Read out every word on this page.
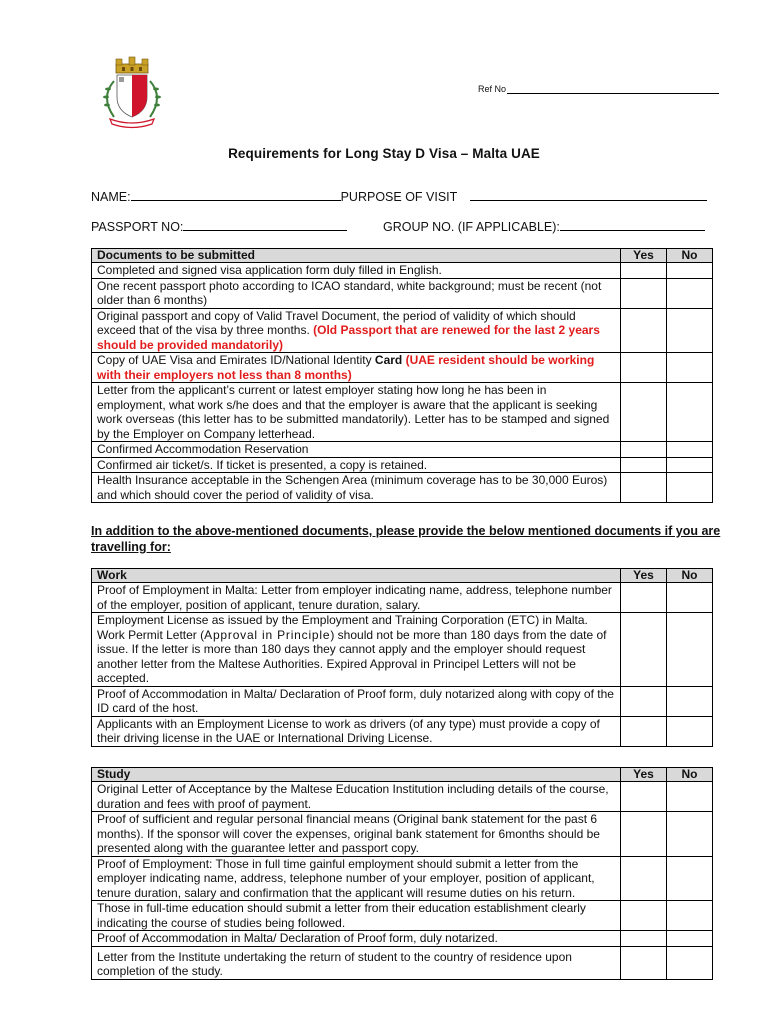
Ref No
Requirements for Long Stay D Visa – Malta UAE
NAME:	PURPOSE OF VISIT
PASSPORT NO:	GROUP NO. (IF APPLICABLE):
Documents to be submitted	Yes	No
Completed and signed visa application form duly filled in English.		
One recent passport photo according to ICAO standard, white background; must be recent (not older than 6 months)		
Original passport and copy of Valid Travel Document, the period of validity of which should exceed that of the visa by three months. (Old Passport that are renewed for the last 2 years should be provided mandatorily)		
Copy of UAE Visa and Emirates ID/National Identity Card (UAE resident should be working with their employers not less than 8 months)		
Letter from the applicant’s current or latest employer stating how long he has been in employment, what work s/he does and that the employer is aware that the applicant is seeking work overseas (this letter has to be submitted mandatorily). Letter has to be stamped and signed by the Employer on Company letterhead.		
Confirmed Accommodation Reservation		
Confirmed air ticket/s. If ticket is presented, a copy is retained.		
Health Insurance acceptable in the Schengen Area (minimum coverage has to be 30,000 Euros) and which should cover the period of validity of visa.		
In addition to the above-mentioned documents, please provide the below mentioned documents if you are travelling for:
Work	Yes	No
Proof of Employment in Malta: Letter from employer indicating name, address, telephone number of the employer, position of applicant, tenure duration, salary.		
Employment License as issued by the Employment and Training Corporation (ETC) in Malta. Work Permit Letter (Approval in Principle) should not be more than 180 days from the date of issue. If the letter is more than 180 days they cannot apply and the employer should request another letter from the Maltese Authorities. Expired Approval in Principel Letters will not be accepted.		
Proof of Accommodation in Malta/ Declaration of Proof form, duly notarized along with copy of the ID card of the host.		
Applicants with an Employment License to work as drivers (of any type) must provide a copy of their driving license in the UAE or International Driving License.		
Study	Yes	No
Original Letter of Acceptance by the Maltese Education Institution including details of the course, duration and fees with proof of payment.		
Proof of sufficient and regular personal financial means (Original bank statement for the past 6 months). If the sponsor will cover the expenses, original bank statement for 6months should be presented along with the guarantee letter and passport copy.		
Proof of Employment: Those in full time gainful employment should submit a letter from the employer indicating name, address, telephone number of your employer, position of applicant, tenure duration, salary and confirmation that the applicant will resume duties on his return.		
Those in full-time education should submit a letter from their education establishment clearly indicating the course of studies being followed.		
Proof of Accommodation in Malta/ Declaration of Proof form, duly notarized.		
Letter from the Institute undertaking the return of student to the country of residence upon completion of the study.		
